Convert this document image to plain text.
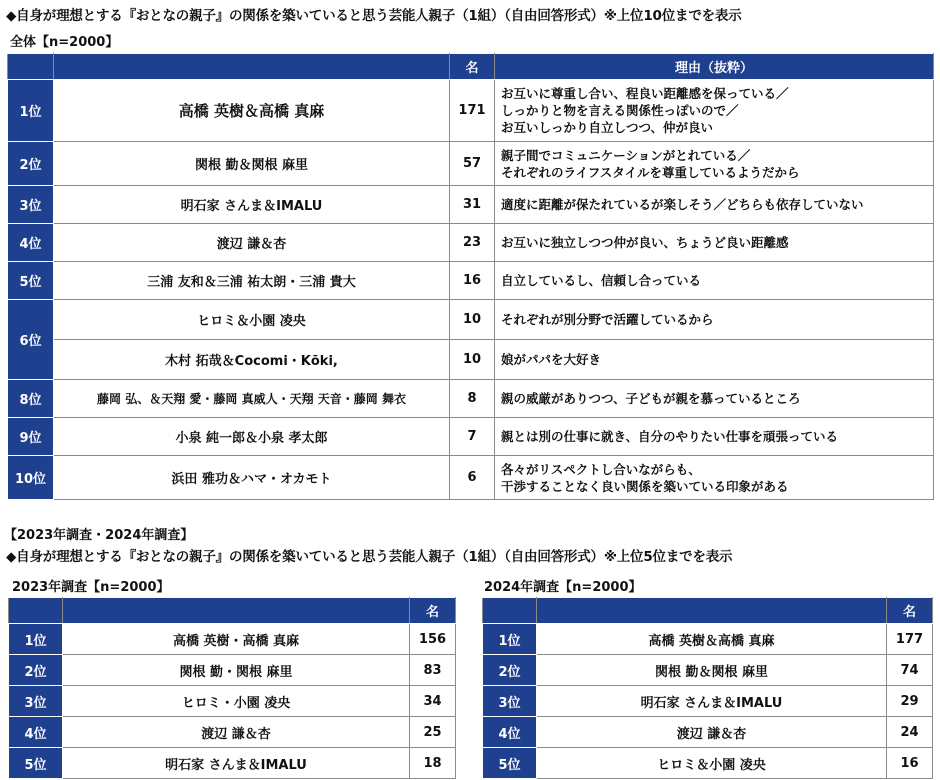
◆自身が理想とする『おとなの親子』の関係を築いていると思う芸能人親子（1組）（自由回答形式）※上位10位までを表示
全体【n=2000】
		名	理由（抜粋）
1位	高橋 英樹＆高橋 真麻	171	お互いに尊重し合い、程良い距離感を保っている／
しっかりと物を言える関係性っぽいので／
お互いしっかり自立しつつ、仲が良い

2位	関根 勤＆関根 麻里	57	親子間でコミュニケーションがとれている／
それぞれのライフスタイルを尊重しているようだから

3位	明石家 さんま＆IMALU	31	適度に距離が保たれているが楽しそう／どちらも依存していない

4位	渡辺 謙＆杏	23	お互いに独立しつつ仲が良い、ちょうど良い距離感

5位	三浦 友和＆三浦 祐太朗・三浦 貴大	16	自立しているし、信頼し合っている

6位	ヒロミ＆小園 凌央	10	それぞれが別分野で活躍しているから

	木村 拓哉＆Cocomi・Kōki,	10	娘がパパを大好き

8位	藤岡 弘、＆天翔 愛・藤岡 真威人・天翔 天音・藤岡 舞衣	8	親の威厳がありつつ、子どもが親を慕っているところ

9位	小泉 純一郎＆小泉 孝太郎	7	親とは別の仕事に就き、自分のやりたい仕事を頑張っている

10位	浜田 雅功＆ハマ・オカモト	6	各々がリスペクトし合いながらも、
干渉することなく良い関係を築いている印象がある
【2023年調査・2024年調査】
◆自身が理想とする『おとなの親子』の関係を築いていると思う芸能人親子（1組）（自由回答形式）※上位5位までを表示
2023年調査【n=2000】
		名
1位	高橋 英樹・高橋 真麻	156
2位	関根 勤・関根 麻里	83
3位	ヒロミ・小園 凌央	34
4位	渡辺 謙＆杏	25
5位	明石家 さんま＆IMALU	18
2024年調査【n=2000】
		名
1位	高橋 英樹＆高橋 真麻	177
2位	関根 勤＆関根 麻里	74
3位	明石家 さんま＆IMALU	29
4位	渡辺 謙＆杏	24
5位	ヒロミ＆小園 凌央	16
